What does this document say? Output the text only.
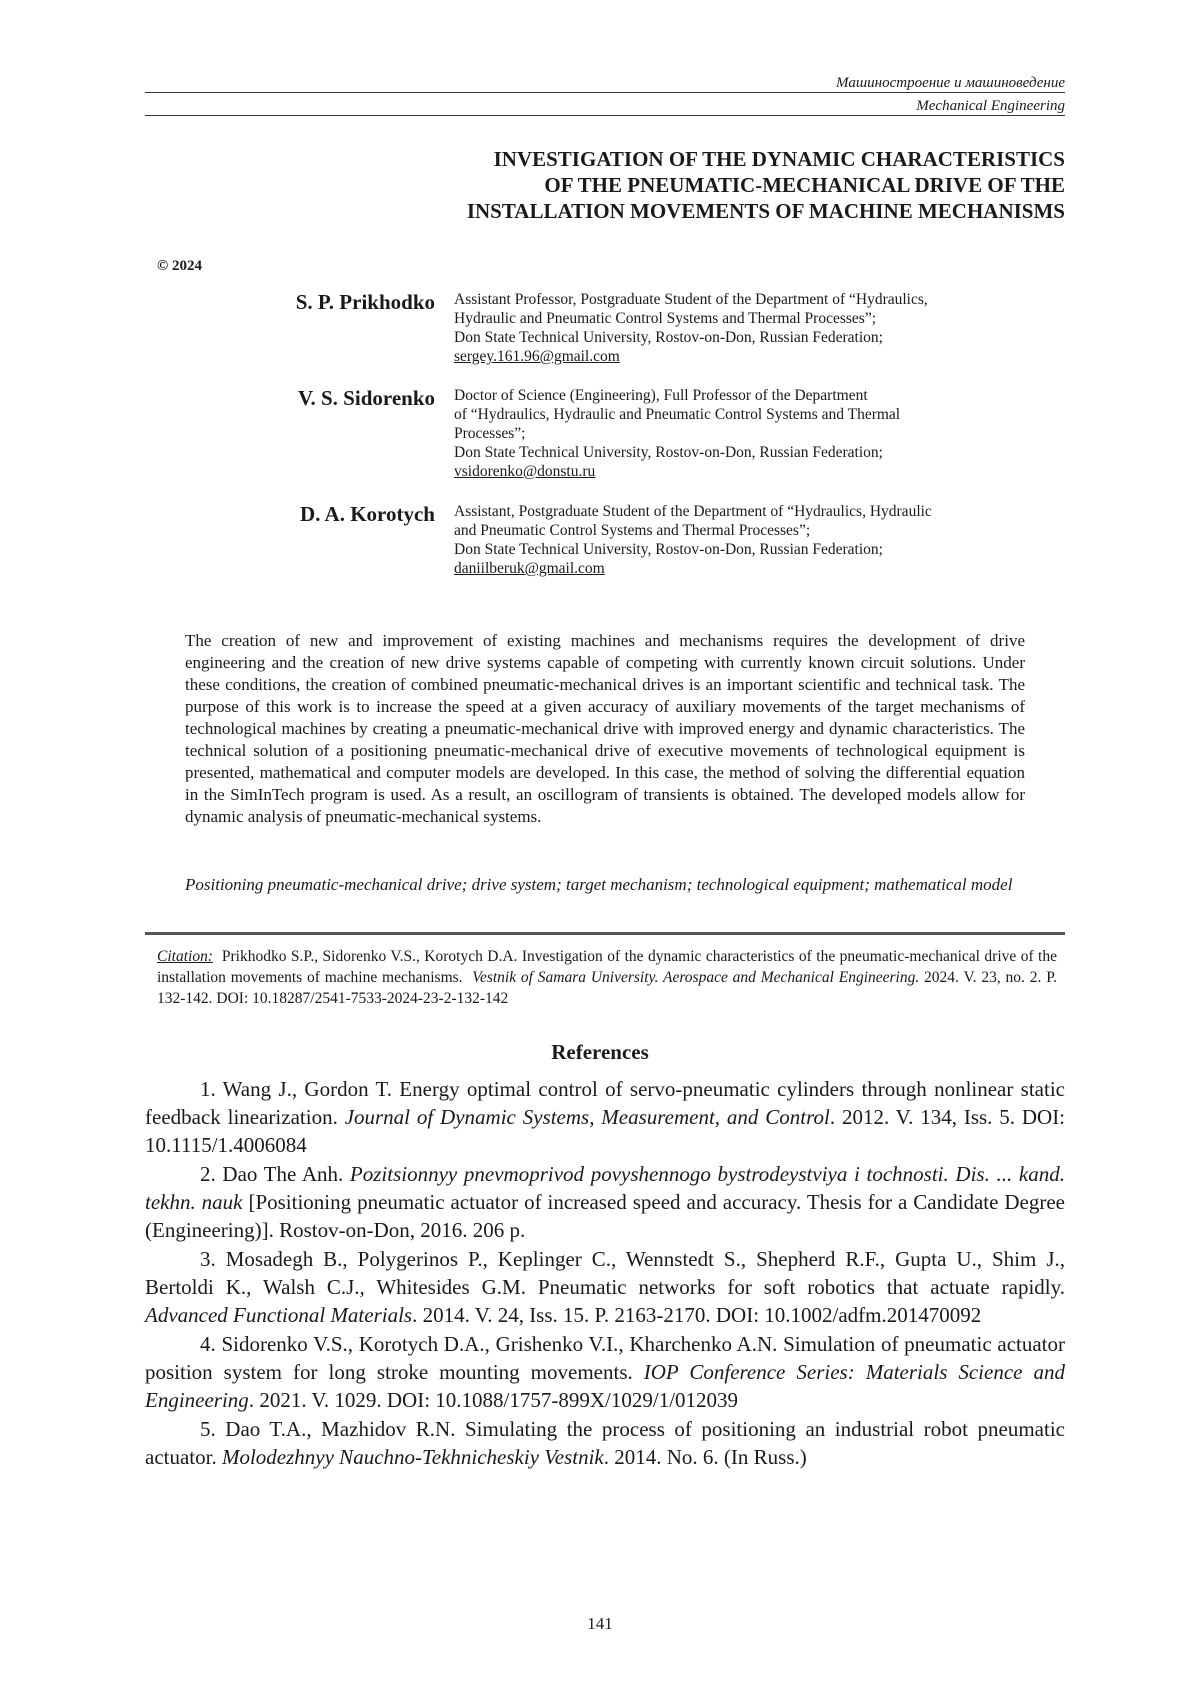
Машиностроение и машиноведение
Mechanical Engineering
INVESTIGATION OF THE DYNAMIC CHARACTERISTICS
OF THE PNEUMATIC-MECHANICAL DRIVE OF THE
INSTALLATION MOVEMENTS OF MACHINE MECHANISMS
© 2024
S. P. Prikhodko Assistant Professor, Postgraduate Student of the Department of “Hydraulics,
Hydraulic and Pneumatic Control Systems and Thermal Processes”;
Don State Technical University, Rostov-on-Don, Russian Federation;
sergey.161.96@gmail.com
V. S. Sidorenko Doctor of Science (Engineering), Full Professor of the Department
of “Hydraulics, Hydraulic and Pneumatic Control Systems and Thermal
Processes”;
Don State Technical University, Rostov-on-Don, Russian Federation;
vsidorenko@donstu.ru
D. A. Korotych Assistant, Postgraduate Student of the Department of “Hydraulics, Hydraulic
and Pneumatic Control Systems and Thermal Processes”;
Don State Technical University, Rostov-on-Don, Russian Federation;
daniilberuk@gmail.com
The creation of new and improvement of existing machines and mechanisms requires the development of drive engineering and the creation of new drive systems capable of competing with currently known circuit solutions. Under these conditions, the creation of combined pneumatic-mechanical drives is an important scientific and technical task. The purpose of this work is to increase the speed at a given accuracy of auxiliary movements of the target mechanisms of technological machines by creating a pneumatic-mechanical drive with improved energy and dynamic characteristics. The technical solution of a positioning pneumatic-mechanical drive of executive movements of technological equipment is presented, mathematical and computer models are developed. In this case, the method of solving the differential equation in the SimInTech program is used. As a result, an oscillogram of transients is obtained. The developed models allow for dynamic analysis of pneumatic-mechanical systems.
Positioning pneumatic-mechanical drive; drive system; target mechanism; technological equipment; mathematical model
Citation: Prikhodko S.P., Sidorenko V.S., Korotych D.A. Investigation of the dynamic characteristics of the pneumatic-mechanical drive of the installation movements of machine mechanisms. Vestnik of Samara University. Aerospace and Mechanical Engineering. 2024. V. 23, no. 2. P. 132-142. DOI: 10.18287/2541-7533-2024-23-2-132-142
References

1. Wang J., Gordon T. Energy optimal control of servo-pneumatic cylinders through nonlinear static feedback linearization. Journal of Dynamic Systems, Measurement, and Control. 2012. V. 134, Iss. 5. DOI: 10.1115/1.4006084

2. Dao The Anh. Pozitsionnyy pnevmoprivod povyshennogo bystrodeystviya i tochnosti. Dis. ... kand. tekhn. nauk [Positioning pneumatic actuator of increased speed and accuracy. Thesis for a Candidate Degree (Engineering)]. Rostov-on-Don, 2016. 206 p.

3. Mosadegh B., Polygerinos P., Keplinger C., Wennstedt S., Shepherd R.F., Gupta U., Shim J., Bertoldi K., Walsh C.J., Whitesides G.M. Pneumatic networks for soft robotics that actuate rapidly. Advanced Functional Materials. 2014. V. 24, Iss. 15. P. 2163-2170. DOI: 10.1002/adfm.201470092

4. Sidorenko V.S., Korotych D.A., Grishenko V.I., Kharchenko A.N. Simulation of pneumatic actuator position system for long stroke mounting movements. IOP Conference Series: Materials Science and Engineering. 2021. V. 1029. DOI: 10.1088/1757-899X/1029/1/012039

5. Dao T.A., Mazhidov R.N. Simulating the process of positioning an industrial robot pneumatic actuator. Molodezhnyy Nauchno-Tekhnicheskiy Vestnik. 2014. No. 6. (In Russ.)

141
